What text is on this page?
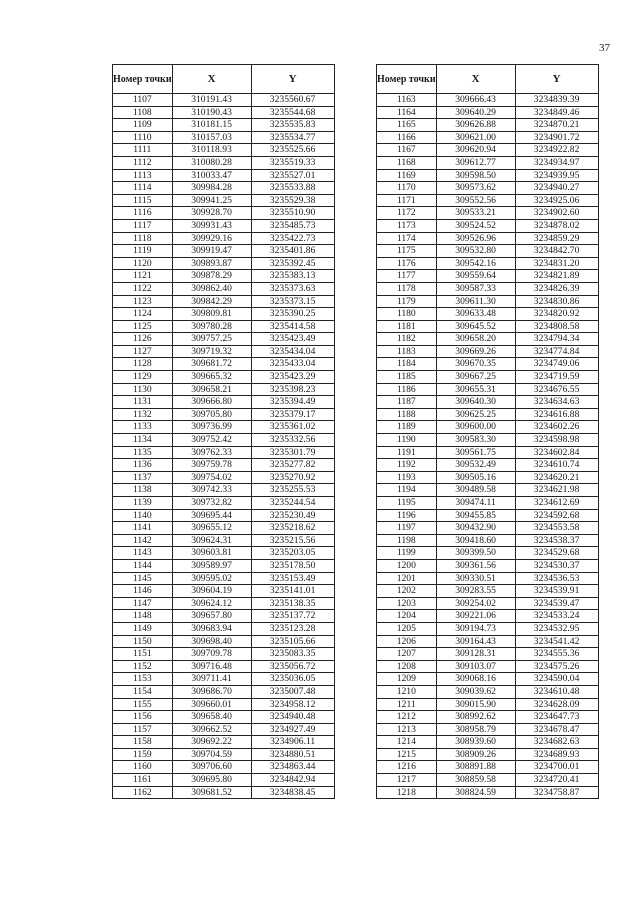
37
Номер точки	X	Y
1107	310191.43	3235560.67
1108	310190.43	3235544.68
1109	310181.15	3235535.83
1110	310157.03	3235534.77
1111	310118.93	3235525.66
1112	310080.28	3235519.33
1113	310033.47	3235527.01
1114	309984.28	3235533.88
1115	309941.25	3235529.38
1116	309928.70	3235510.90
1117	309931.43	3235485.73
1118	309929.16	3235422.73
1119	309919.47	3235401.86
1120	309893.87	3235392.45
1121	309878.29	3235383.13
1122	309862.40	3235373.63
1123	309842.29	3235373.15
1124	309809.81	3235390.25
1125	309780.28	3235414.58
1126	309757.25	3235423.49
1127	309719.32	3235434.04
1128	309681.72	3235433.04
1129	309665.32	3235423.29
1130	309658.21	3235398.23
1131	309666.80	3235394.49
1132	309705.80	3235379.17
1133	309736.99	3235361.02
1134	309752.42	3235332.56
1135	309762.33	3235301.79
1136	309759.78	3235277.82
1137	309754.02	3235270.92
1138	309742.33	3235255.53
1139	309732.82	3235244.54
1140	309695.44	3235230.49
1141	309655.12	3235218.62
1142	309624.31	3235215.56
1143	309603.81	3235203.05
1144	309589.97	3235178.50
1145	309595.02	3235153.49
1146	309604.19	3235141.01
1147	309624.12	3235138.35
1148	309657.80	3235137.72
1149	309683.94	3235123.28
1150	309698.40	3235105.66
1151	309709.78	3235083.35
1152	309716.48	3235056.72
1153	309711.41	3235036.05
1154	309686.70	3235007.48
1155	309660.01	3234958.12
1156	309658.40	3234940.48
1157	309662.52	3234927.49
1158	309692.22	3234906.11
1159	309704.59	3234880.51
1160	309706.60	3234863.44
1161	309695.80	3234842.94
1162	309681.52	3234838.45
Номер точки	X	Y
1163	309666.43	3234839.39
1164	309640.29	3234849.46
1165	309626.88	3234870.21
1166	309621.00	3234901.72
1167	309620.94	3234922.82
1168	309612.77	3234934.97
1169	309598.50	3234939.95
1170	309573.62	3234940.27
1171	309552.56	3234925.06
1172	309533.21	3234902.60
1173	309524.52	3234878.02
1174	309526.96	3234859.29
1175	309532.80	3234842.70
1176	309542.16	3234831.20
1177	309559.64	3234821.89
1178	309587.33	3234826.39
1179	309611.30	3234830.86
1180	309633.48	3234820.92
1181	309645.52	3234808.58
1182	309658.20	3234794.34
1183	309669.26	3234774.84
1184	309670.35	3234749.06
1185	309667.25	3234719.59
1186	309655.31	3234676.55
1187	309640.30	3234634.63
1188	309625.25	3234616.88
1189	309600.00	3234602.26
1190	309583.30	3234598.98
1191	309561.75	3234602.84
1192	309532.49	3234610.74
1193	309505.16	3234620.21
1194	309489.58	3234621.98
1195	309474.11	3234612.69
1196	309455.85	3234592.68
1197	309432.90	3234553.58
1198	309418.60	3234538.37
1199	309399.50	3234529.68
1200	309361.56	3234530.37
1201	309330.51	3234536.53
1202	309283.55	3234539.91
1203	309254.02	3234539.47
1204	309221.06	3234533.24
1205	309194.73	3234532.95
1206	309164.43	3234541.42
1207	309128.31	3234555.36
1208	309103.07	3234575.26
1209	309068.16	3234590.04
1210	309039.62	3234610.48
1211	309015.90	3234628.09
1212	308992.62	3234647.73
1213	308958.79	3234678.47
1214	308939.60	3234682.63
1215	308909.26	3234689.93
1216	308891.88	3234700.01
1217	308859.58	3234720.41
1218	308824.59	3234758.87
